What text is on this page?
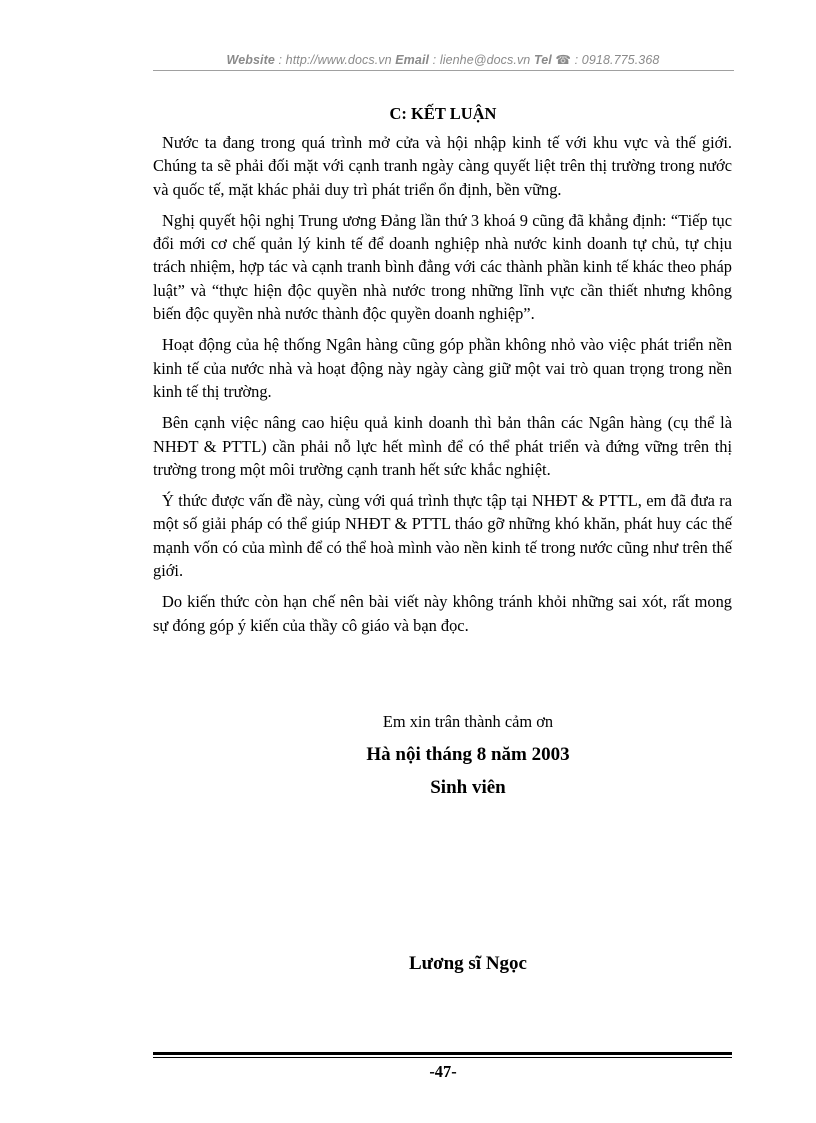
Website : http://www.docs.vn Email : lienhe@docs.vn Tel ☎ : 0918.775.368
C: KẾT LUẬN

Nước ta đang trong quá trình mở cửa và hội nhập kinh tế với khu vực và thế giới. Chúng ta sẽ phải đối mặt với cạnh tranh ngày càng quyết liệt trên thị trường trong nước và quốc tế, mặt khác phải duy trì phát triển ổn định, bền vững.

Nghị quyết hội nghị Trung ương Đảng lần thứ 3 khoá 9 cũng đã khẳng định: “Tiếp tục đổi mới cơ chế quản lý kinh tế để doanh nghiệp nhà nước kinh doanh tự chủ, tự chịu trách nhiệm, hợp tác và cạnh tranh bình đẳng với các thành phần kinh tế khác theo pháp luật” và “thực hiện độc quyền nhà nước trong những lĩnh vực cần thiết nhưng không biến độc quyền nhà nước thành độc quyền doanh nghiệp”.

Hoạt động của hệ thống Ngân hàng cũng góp phần không nhỏ vào việc phát triển nền kinh tế của nước nhà và hoạt động này ngày càng giữ một vai trò quan trọng trong nền kinh tế thị trường.

Bên cạnh việc nâng cao hiệu quả kinh doanh thì bản thân các Ngân hàng (cụ thể là NHĐT & PTTL) cần phải nỗ lực hết mình để có thể phát triển và đứng vững trên thị trường trong một môi trường cạnh tranh hết sức khắc nghiệt.

Ý thức được vấn đề này, cùng với quá trình thực tập tại NHĐT & PTTL, em đã đưa ra một số giải pháp có thể giúp NHĐT & PTTL tháo gỡ những khó khăn, phát huy các thế mạnh vốn có của mình để có thể hoà mình vào nền kinh tế trong nước cũng như trên thế giới.

Do kiến thức còn hạn chế nên bài viết này không tránh khỏi những sai xót, rất mong sự đóng góp ý kiến của thầy cô giáo và bạn đọc.

Em xin trân thành cảm ơn
Hà nội tháng 8 năm 2003
Sinh viên
Lương sĩ Ngọc
-47-
